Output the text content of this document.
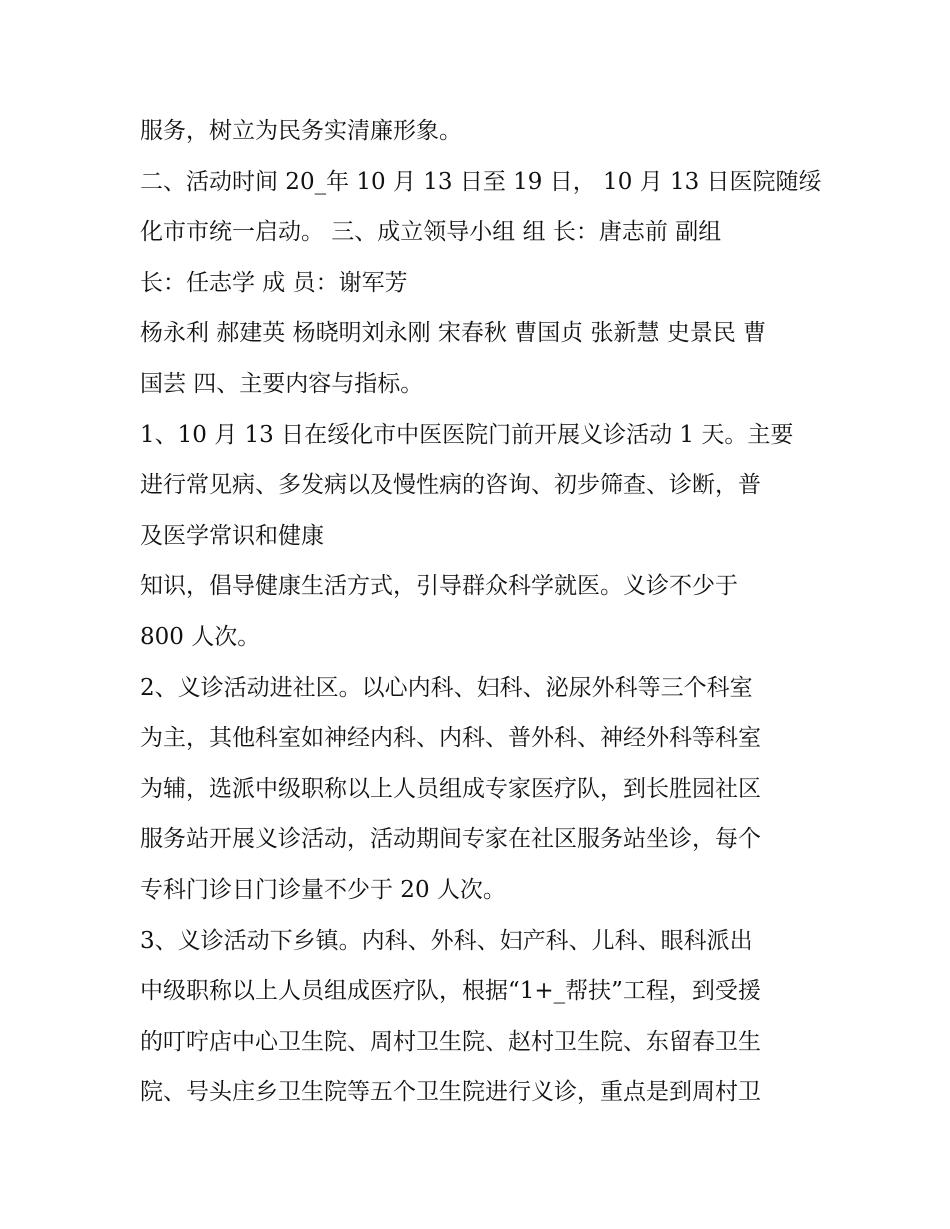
服务，树立为民务实清廉形象。
二、活动时间 20_年 10 月 13 日至 19 日， 10 月 13 日医院随绥
化市市统一启动。 三、成立领导小组 组 长：唐志前 副组
长：任志学 成 员：谢军芳
杨永利 郝建英 杨晓明刘永刚 宋春秋 曹国贞 张新慧 史景民 曹
国芸 四、主要内容与指标。
1、10 月 13 日在绥化市中医医院门前开展义诊活动 1 天。主要
进行常见病、多发病以及慢性病的咨询、初步筛查、诊断，普
及医学常识和健康
知识，倡导健康生活方式，引导群众科学就医。义诊不少于
800 人次。
2、义诊活动进社区。以心内科、妇科、泌尿外科等三个科室
为主，其他科室如神经内科、内科、普外科、神经外科等科室
为辅，选派中级职称以上人员组成专家医疗队，到长胜园社区
服务站开展义诊活动，活动期间专家在社区服务站坐诊，每个
专科门诊日门诊量不少于 20 人次。
3、义诊活动下乡镇。内科、外科、妇产科、儿科、眼科派出
中级职称以上人员组成医疗队，根据“1+_帮扶”工程，到受援
的叮咛店中心卫生院、周村卫生院、赵村卫生院、东留春卫生
院、号头庄乡卫生院等五个卫生院进行义诊，重点是到周村卫
